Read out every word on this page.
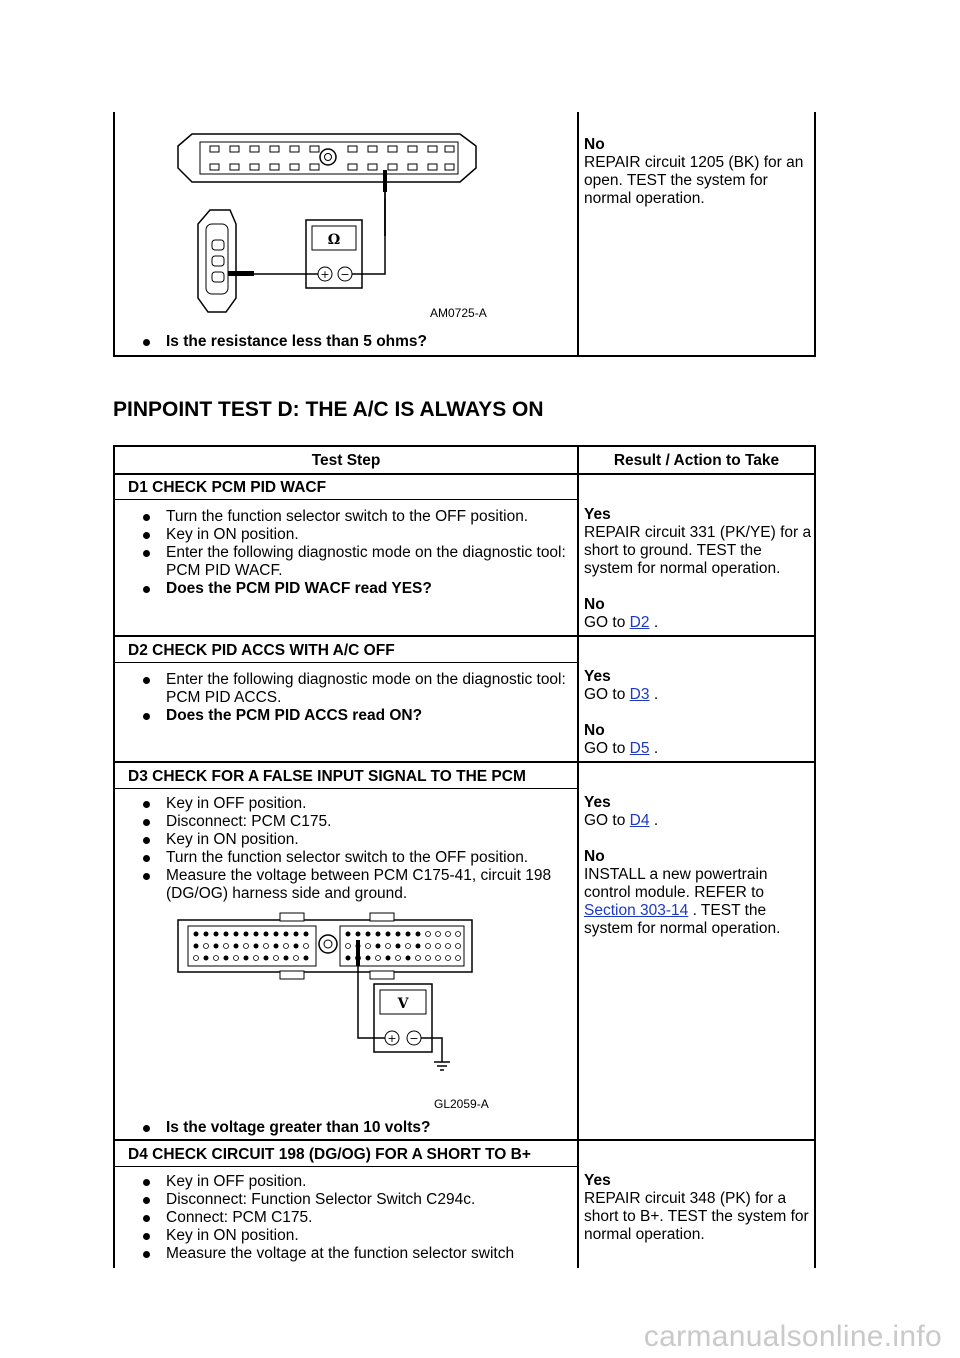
Ω
+ −
AM0725-A
Is the resistance less than 5 ohms?

No

REPAIR circuit 1205 (BK) for an open. TEST the system for normal operation.

PINPOINT TEST D: THE A/C IS ALWAYS ON
Test Step	Result / Action to Take
D1 CHECK PCM PID WACF
Turn the function selector switch to the OFF position.
Key in ON position.
Enter the following diagnostic mode on the diagnostic tool: PCM PID WACF.
Does the PCM PID WACF read YES?

Yes

REPAIR circuit 331 (PK/YE) for a short to ground. TEST the system for normal operation.

No

GO to D2 .

D2 CHECK PID ACCS WITH A/C OFF
Enter the following diagnostic mode on the diagnostic tool: PCM PID ACCS.
Does the PCM PID ACCS read ON?

Yes

GO to D3 .

No

GO to D5 .

D3 CHECK FOR A FALSE INPUT SIGNAL TO THE PCM
Key in OFF position.
Disconnect: PCM C175.
Key in ON position.
Turn the function selector switch to the OFF position.
Measure the voltage between PCM C175-41, circuit 198 (DG/OG) harness side and ground.
V
+ −
GL2059-A
Is the voltage greater than 10 volts?

Yes

GO to D4 .

No

INSTALL a new powertrain control module. REFER to
Section 303-14 . TEST the system for normal operation.

D4 CHECK CIRCUIT 198 (DG/OG) FOR A SHORT TO B+
Key in OFF position.
Disconnect: Function Selector Switch C294c.
Connect: PCM C175.
Key in ON position.
Measure the voltage at the function selector switch

Yes

REPAIR circuit 348 (PK) for a short to B+. TEST the system for normal operation.

carmanualsonline.info
